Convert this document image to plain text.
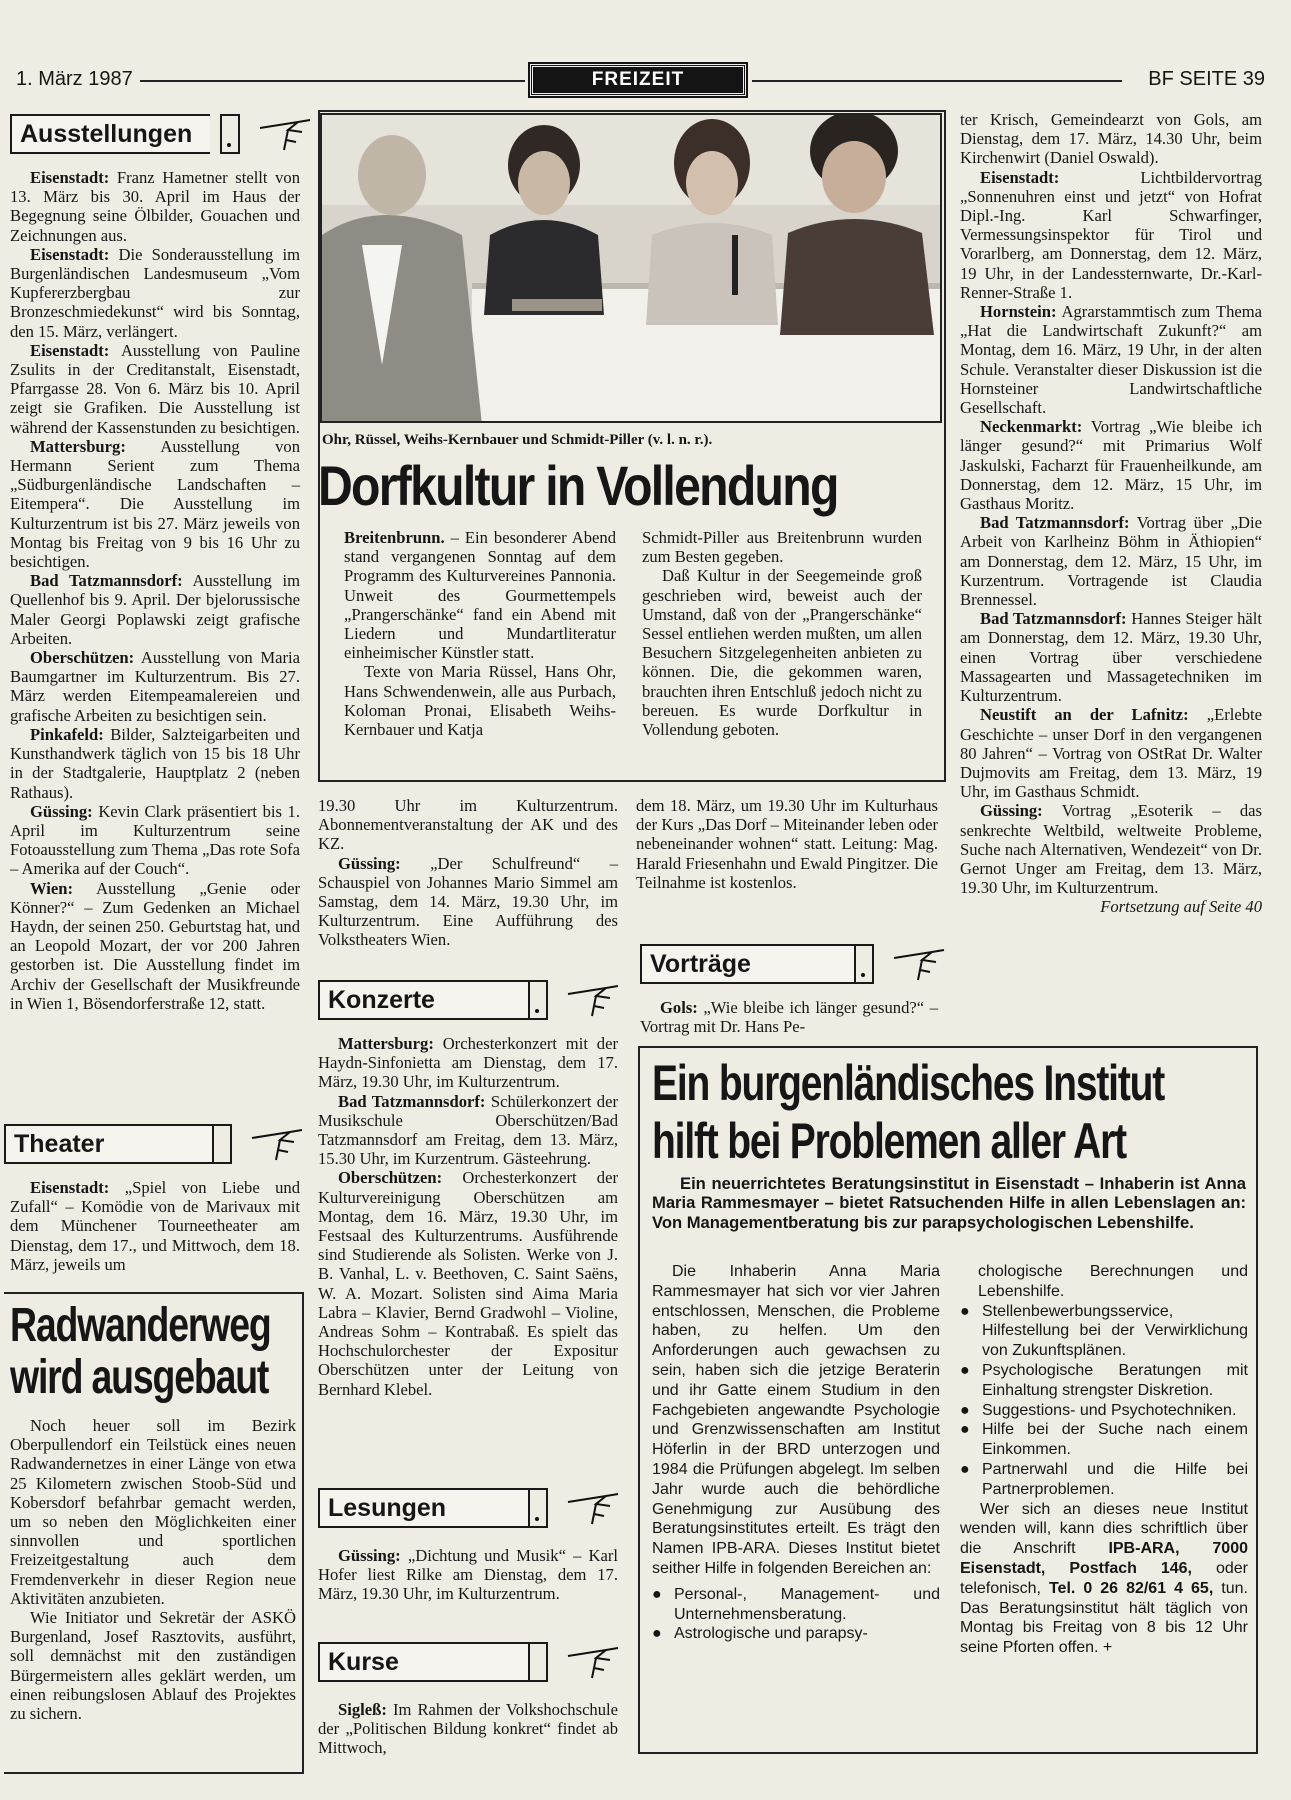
1. März 1987	FREIZEIT	BF SEITE 39
Ausstellungen

Eisenstadt: Franz Hametner stellt von 13. März bis 30. April im Haus der Begegnung seine Ölbilder, Gouachen und Zeichnungen aus.

Eisenstadt: Die Sonderausstellung im Burgenländischen Landesmuseum „Vom Kupfererzbergbau zur Bronzeschmiedekunst“ wird bis Sonntag, den 15. März, verlängert.

Eisenstadt: Ausstellung von Pauline Zsulits in der Creditanstalt, Eisenstadt, Pfarrgasse 28. Von 6. März bis 10. April zeigt sie Grafiken. Die Ausstellung ist während der Kassenstunden zu besichtigen.

Mattersburg: Ausstellung von Hermann Serient zum Thema „Südburgenländische Landschaften – Eitempera“. Die Ausstellung im Kulturzentrum ist bis 27. März jeweils von Montag bis Freitag von 9 bis 16 Uhr zu besichtigen.

Bad Tatzmannsdorf: Ausstellung im Quellenhof bis 9. April. Der bjelorussische Maler Georgi Poplawski zeigt grafische Arbeiten.

Oberschützen: Ausstellung von Maria Baumgartner im Kulturzentrum. Bis 27. März werden Eitempeamalereien und grafische Arbeiten zu besichtigen sein.

Pinkafeld: Bilder, Salzteigarbeiten und Kunsthandwerk täglich von 15 bis 18 Uhr in der Stadtgalerie, Hauptplatz 2 (neben Rathaus).

Güssing: Kevin Clark präsentiert bis 1. April im Kulturzentrum seine Fotoausstellung zum Thema „Das rote Sofa – Amerika auf der Couch“.

Wien: Ausstellung „Genie oder Könner?“ – Zum Gedenken an Michael Haydn, der seinen 250. Geburtstag hat, und an Leopold Mozart, der vor 200 Jahren gestorben ist. Die Ausstellung findet im Archiv der Gesellschaft der Musikfreunde in Wien 1, Bösendorferstraße 12, statt.

Theater

Eisenstadt: „Spiel von Liebe und Zufall“ – Komödie von de Marivaux mit dem Münchener Tourneetheater am Dienstag, dem 17., und Mittwoch, dem 18. März, jeweils um

Radwanderweg
wird ausgebaut

Noch heuer soll im Bezirk Oberpullendorf ein Teilstück eines neuen Radwandernetzes in einer Länge von etwa 25 Kilometern zwischen Stoob-Süd und Kobersdorf befahrbar gemacht werden, um so neben den Möglichkeiten einer sinnvollen und sportlichen Freizeitgestaltung auch dem Fremdenverkehr in dieser Region neue Aktivitäten anzubieten.

Wie Initiator und Sekretär der ASKÖ Burgenland, Josef Rasztovits, ausführt, soll demnächst mit den zuständigen Bürgermeistern alles geklärt werden, um einen reibungslosen Ablauf des Projektes zu sichern.

Ohr, Rüssel, Weihs-Kernbauer und Schmidt-Piller (v. l. n. r.).
Dorfkultur in Vollendung

Breitenbrunn. – Ein besonderer Abend stand vergangenen Sonntag auf dem Programm des Kulturvereines Pannonia. Unweit des Gourmettempels „Prangerschänke“ fand ein Abend mit Liedern und Mundartliteratur einheimischer Künstler statt.

Texte von Maria Rüssel, Hans Ohr, Hans Schwendenwein, alle aus Purbach, Koloman Pronai, Elisabeth Weihs-Kernbauer und Katja

Schmidt-Piller aus Breitenbrunn wurden zum Besten gegeben.

Daß Kultur in der Seegemeinde groß geschrieben wird, beweist auch der Umstand, daß von der „Prangerschänke“ Sessel entliehen werden mußten, um allen Besuchern Sitzgelegenheiten anbieten zu können. Die, die gekommen waren, brauchten ihren Entschluß jedoch nicht zu bereuen. Es wurde Dorfkultur in Vollendung geboten.

19.30 Uhr im Kulturzentrum. Abonnementveranstaltung der AK und des KZ.

Güssing: „Der Schulfreund“ – Schauspiel von Johannes Mario Simmel am Samstag, dem 14. März, 19.30 Uhr, im Kulturzentrum. Eine Aufführung des Volkstheaters Wien.

Konzerte

Mattersburg: Orchesterkonzert mit der Haydn-Sinfonietta am Dienstag, dem 17. März, 19.30 Uhr, im Kulturzentrum.

Bad Tatzmannsdorf: Schülerkonzert der Musikschule Oberschützen/Bad Tatzmannsdorf am Freitag, dem 13. März, 15.30 Uhr, im Kurzentrum. Gästeehrung.

Oberschützen: Orchesterkonzert der Kulturvereinigung Oberschützen am Montag, dem 16. März, 19.30 Uhr, im Festsaal des Kulturzentrums. Ausführende sind Studierende als Solisten. Werke von J. B. Vanhal, L. v. Beethoven, C. Saint Saëns, W. A. Mozart. Solisten sind Aima Maria Labra – Klavier, Bernd Gradwohl – Violine, Andreas Sohm – Kontrabaß. Es spielt das Hochschulorchester der Expositur Oberschützen unter der Leitung von Bernhard Klebel.

Lesungen

Güssing: „Dichtung und Musik“ – Karl Hofer liest Rilke am Dienstag, dem 17. März, 19.30 Uhr, im Kulturzentrum.

Kurse

Sigleß: Im Rahmen der Volkshochschule der „Politischen Bildung konkret“ findet ab Mittwoch,

dem 18. März, um 19.30 Uhr im Kulturhaus der Kurs „Das Dorf – Miteinander leben oder nebeneinander wohnen“ statt. Leitung: Mag. Harald Friesenhahn und Ewald Pingitzer. Die Teilnahme ist kostenlos.

Vorträge

Gols: „Wie bleibe ich länger gesund?“ – Vortrag mit Dr. Hans Pe-

ter Krisch, Gemeindearzt von Gols, am Dienstag, dem 17. März, 14.30 Uhr, beim Kirchenwirt (Daniel Oswald).

Eisenstadt:	Lichtbildervortrag „Sonnenuhren einst und jetzt“ von Hofrat Dipl.-Ing. Karl Schwarfinger, Vermessungsinspektor für Tirol und Vorarlberg, am Donnerstag, dem 12. März, 19 Uhr, in der Landessternwarte, Dr.-Karl-Renner-Straße 1.

Hornstein: Agrarstammtisch zum Thema „Hat die Landwirtschaft Zukunft?“ am Montag, dem 16. März, 19 Uhr, in der alten Schule. Veranstalter dieser Diskussion ist die Hornsteiner Landwirtschaftliche Gesellschaft.

Neckenmarkt: Vortrag „Wie bleibe ich länger gesund?“ mit Primarius Wolf Jaskulski, Facharzt für Frauenheilkunde, am Donnerstag, dem 12. März, 15 Uhr, im Gasthaus Moritz.

Bad Tatzmannsdorf: Vortrag über „Die Arbeit von Karlheinz Böhm in Äthiopien“ am Donnerstag, dem 12. März, 15 Uhr, im Kurzentrum. Vortragende ist Claudia Brennessel.

Bad Tatzmannsdorf: Hannes Steiger hält am Donnerstag, dem 12. März, 19.30 Uhr, einen Vortrag über verschiedene Massagearten und Massagetechniken im Kulturzentrum.

Neustift an der Lafnitz: „Erlebte Geschichte – unser Dorf in den vergangenen 80 Jahren“ – Vortrag von OStRat Dr. Walter Dujmovits am Freitag, dem 13. März, 19 Uhr, im Gasthaus Schmidt.

Güssing: Vortrag „Esoterik – das senkrechte Weltbild, weltweite Probleme, Suche nach Alternativen, Wendezeit“ von Dr. Gernot Unger am Freitag, dem 13. März, 19.30 Uhr, im Kulturzentrum.

Fortsetzung auf Seite 40

Ein burgenländisches Institut
hilft bei Problemen aller Art
Ein neuerrichtetes Beratungsinstitut in Eisenstadt – Inhaberin ist Anna Maria Rammesmayer – bietet Ratsuchenden Hilfe in allen Lebenslagen an: Von Managementberatung bis zur parapsychologischen Lebenshilfe.

Die Inhaberin Anna Maria Rammesmayer hat sich vor vier Jahren entschlossen, Menschen, die Probleme haben, zu helfen. Um den Anforderungen auch gewachsen zu sein, haben sich die jetzige Beraterin und ihr Gatte einem Studium in den Fachgebieten angewandte Psychologie und Grenzwissenschaften am Institut Höferlin in der BRD unterzogen und 1984 die Prüfungen abgelegt. Im selben Jahr wurde auch die behördliche Genehmigung zur Ausübung des Beratungsinstitutes erteilt. Es trägt den Namen IPB-ARA. Dieses Institut bietet seither Hilfe in folgenden Bereichen an:

● Personal-, Management- und Unternehmensberatung.
● Astrologische und parapsy-

chologische Berechnungen und Lebenshilfe.

● Stellenbewerbungsservice, Hilfestellung bei der Verwirklichung von Zukunftsplänen.
● Psychologische Beratungen mit Einhaltung strengster Diskretion.
● Suggestions- und Psychotechniken.
● Hilfe bei der Suche nach einem Einkommen.
● Partnerwahl und die Hilfe bei Partnerproblemen.

Wer sich an dieses neue Institut wenden will, kann dies schriftlich über die Anschrift IPB-ARA, 7000 Eisenstadt, Postfach 146, oder telefonisch, Tel. 0 26 82/61 4 65, tun. Das Beratungsinstitut hält täglich von Montag bis Freitag von 8 bis 12 Uhr seine Pforten offen. +
